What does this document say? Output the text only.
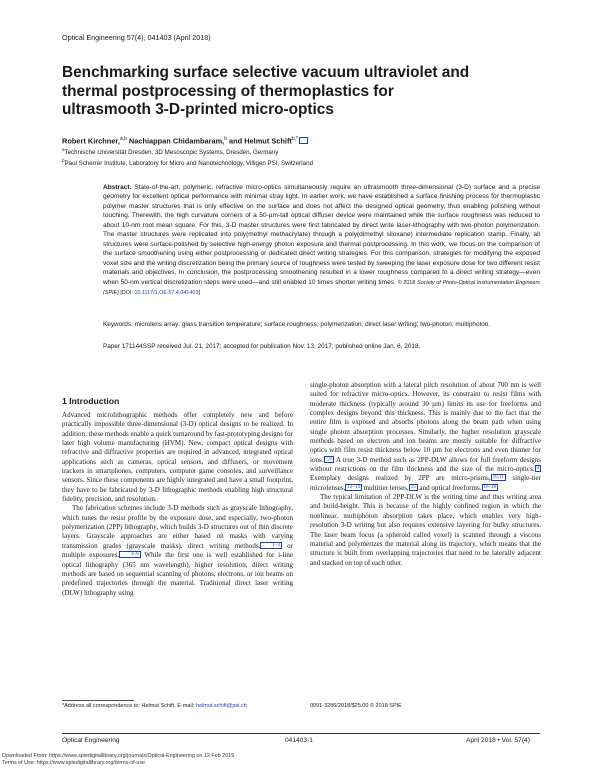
Optical Engineering 57(4), 041403 (April 2018)
Benchmarking surface selective vacuum ultraviolet and
thermal postprocessing of thermoplastics for
ultrasmooth 3-D-printed micro-optics
Robert Kirchner,$^{a,b}$ Nachiappan Chidambaram,$^b$ and Helmut Schift$^{b,*}$
$^a$Technische Universität Dresden, 3D Mesoscopic Systems, Dresden, Germany
$^b$Paul Scherrer Institute, Laboratory for Micro and Nanotechnology, Villigen PSI, Switzerland
Abstract. State-of-the-art, polymeric, refractive micro-optics simultaneously require an ultrasmooth three-dimensional (3-D) surface and a precise geometry for excellent optical performance with minimal stray light. In earlier work, we have established a surface finishing process for thermoplastic polymer master structures that is only effective on the surface and does not affect the designed optical geometry, thus enabling polishing without touching. Therewith, the high curvature corners of a 50-µm-tall optical diffuser device were maintained while the surface roughness was reduced to about 10-nm root mean square. For this, 3-D master structures were first fabricated by direct write laser-lithography with two-photon polymerization. The master structures were replicated into poly(methyl methacrylate) through a poly(dimethyl siloxane) intermediate replication stamp. Finally, all structures were surface-polished by selective high-energy photon exposure and thermal postprocessing. In this work, we focus on the comparison of the surface smoothening using either postprocessing or dedicated direct writing strategies. For this comparison, strategies for modifying the exposed voxel size and the writing discretization being the primary source of roughness were tested by sweeping the laser exposure dose for two different resist materials and objectives. In conclusion, the postprocessing smoothening resulted in a lower roughness compared to a direct writing strategy—even when 50-nm vertical discretization steps were used—and still enabled 10 times shorter writing times. © 2018 Society of Photo-Optical Instrumentation Engineers (SPIE) [DOI: 10.1117/1.OE.57.4.041403]
Keywords: microlens array; glass transition temperature; surface roughness; polymerization; direct laser writing; two-photon; multiphoton.
Paper 171144SSP received Jul. 21, 2017; accepted for publication Nov. 13, 2017; published online Jan. 6, 2018.
1 Introduction

Advanced microlithographic methods offer completely new and before practically impossible three-dimensional (3-D) optical designs to be realized. In addition, these methods enable a quick turnaround by fast-prototyping designs for later high volume manufacturing (HVM). New, compact optical designs with refractive and diffractive properties are required in advanced, integrated optical applications such as cameras, optical sensors, and diffusers, or movement trackers in smartphones, computers, computer game consoles, and surveillance sensors. Since these components are highly integrated and have a small footprint, they have to be fabricated by 3-D lithographic methods enabling high structural fidelity, precision, and resolution.

The fabrication schemes include 3-D methods such as grayscale lithography, which tunes the resist profile by the exposure dose, and especially, two-photon polymerization (2PP) lithography, which builds 3-D structures out of thin discrete layers. Grayscale approaches are either based on masks with varying transmission grades (grayscale masks), direct writing methods, 1–3 or multiple exposures. 4–6 While the first one is well established for i-line optical lithography (365 nm wavelength), higher resolution, direct writing methods are based on sequential scanning of photons, electrons, or ion beams on predefined trajectories through the material. Traditional direct laser writing (DLW) lithography using

single-photon absorption with a lateral pitch resolution of about 700 nm is well suited for refractive micro-optics. However, its constraint to resist films with moderate thickness (typically around 30 µm) limits its use for freeforms and complex designs beyond this thickness. This is mainly due to the fact that the entire film is exposed and absorbs photons along the beam path when using single photon absorption processes. Similarly, the higher resolution grayscale methods based on electron and ion beams are mostly suitable for diffractive optics with film resist thickness below 10 µm for electrons and even thinner for ions. 7,8 A true 3-D method such as 2PP-DLW allows for full freeform designs without restrictions on the film thickness and the size of the micro-optics. 9 Exemplary designs realized by 2PP are micro-prisms, 10,11 single-tier microlenses, 12–14 multitier lenses, 15 and optical freeforms. 16–18

The typical limitation of 2PP-DLW is the writing time and thus writing area and build-height. This is because of the highly confined region in which the nonlinear, multiphoton absorption takes place, which enables very high-resolution 3-D writing but also requires extensive layering for bulky structures. The laser beam focus (a spheroid called voxel) is scanned through a viscous material and polymerizes the material along its trajectory, which means that the structure is built from overlapping trajectories that need to be laterally adjacent and stacked on top of each other.

*Address all correspondence to: Helmut Schift, E-mail: helmut.schift@psi.ch	0091-3286/2018/$25.00 © 2018 SPIE
Optical Engineering	041403-1	April 2018 • Vol. 57(4)
Downloaded From: https://www.spiedigitallibrary.org/journals/Optical-Engineering on 12 Feb 2019
Terms of Use: https://www.spiedigitallibrary.org/terms-of-use
